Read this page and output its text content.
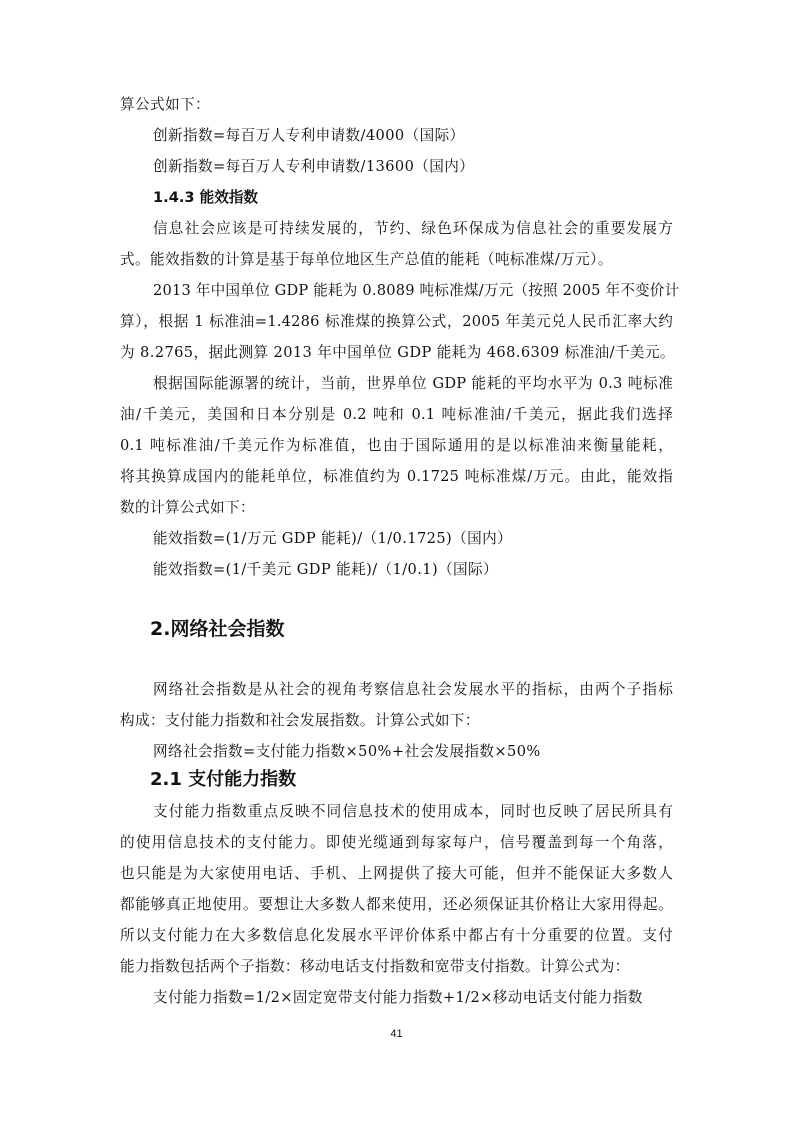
算公式如下：
创新指数=每百万人专利申请数/4000（国际）
创新指数=每百万人专利申请数/13600（国内）
1.4.3 能效指数
信息社会应该是可持续发展的，节约、绿色环保成为信息社会的重要发展方
式。能效指数的计算是基于每单位地区生产总值的能耗（吨标准煤/万元）。
2013 年中国单位 GDP 能耗为 0.8089 吨标准煤/万元（按照 2005 年不变价计
算），根据 1 标准油=1.4286 标准煤的换算公式，2005 年美元兑人民币汇率大约
为 8.2765，据此测算 2013 年中国单位 GDP 能耗为 468.6309 标准油/千美元。
根据国际能源署的统计，当前，世界单位 GDP 能耗的平均水平为 0.3 吨标准
油/千美元，美国和日本分别是 0.2 吨和 0.1 吨标准油/千美元，据此我们选择
0.1 吨标准油/千美元作为标准值，也由于国际通用的是以标准油来衡量能耗，
将其换算成国内的能耗单位，标准值约为 0.1725 吨标准煤/万元。由此，能效指
数的计算公式如下：
能效指数=(1/万元 GDP 能耗)/（1/0.1725)（国内）
能效指数=(1/千美元 GDP 能耗)/（1/0.1)（国际）
2.网络社会指数
网络社会指数是从社会的视角考察信息社会发展水平的指标，由两个子指标
构成：支付能力指数和社会发展指数。计算公式如下：
网络社会指数=支付能力指数×50%+社会发展指数×50%
2.1 支付能力指数
支付能力指数重点反映不同信息技术的使用成本，同时也反映了居民所具有
的使用信息技术的支付能力。即使光缆通到每家每户，信号覆盖到每一个角落，
也只能是为大家使用电话、手机、上网提供了接大可能，但并不能保证大多数人
都能够真正地使用。要想让大多数人都来使用，还必须保证其价格让大家用得起。
所以支付能力在大多数信息化发展水平评价体系中都占有十分重要的位置。支付
能力指数包括两个子指数：移动电话支付指数和宽带支付指数。计算公式为：
支付能力指数=1/2×固定宽带支付能力指数+1/2×移动电话支付能力指数
41
